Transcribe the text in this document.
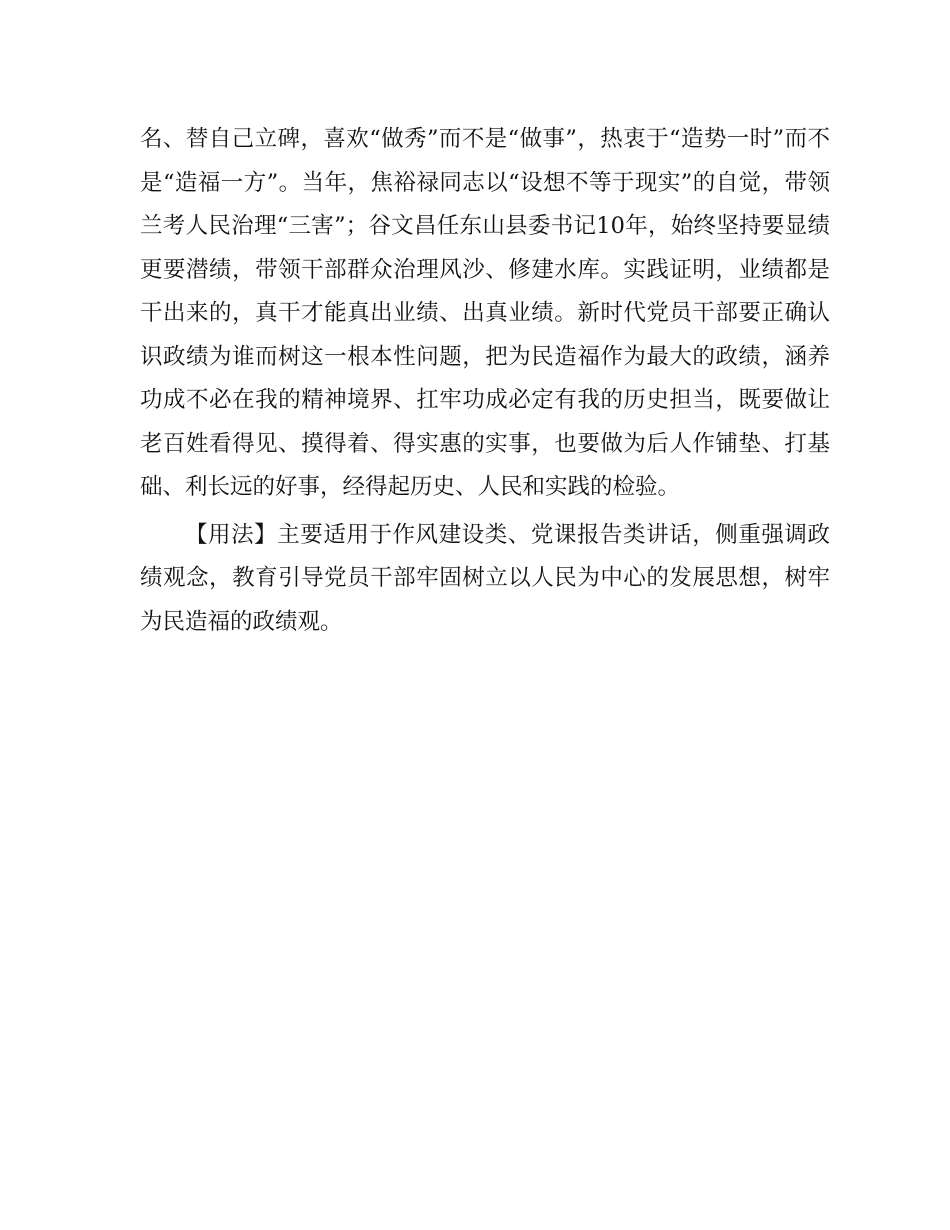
名、替自己立碑，喜欢“做秀”而不是“做事”，热衷于“造势一时”而不是“造福一方”。当年，焦裕禄同志以“设想不等于现实”的自觉，带领兰考人民治理“三害”；谷文昌任东山县委书记10年，始终坚持要显绩更要潜绩，带领干部群众治理风沙、修建水库。实践证明，业绩都是干出来的，真干才能真出业绩、出真业绩。新时代党员干部要正确认识政绩为谁而树这一根本性问题，把为民造福作为最大的政绩，涵养功成不必在我的精神境界、扛牢功成必定有我的历史担当，既要做让老百姓看得见、摸得着、得实惠的实事，也要做为后人作铺垫、打基础、利长远的好事，经得起历史、人民和实践的检验。

【用法】主要适用于作风建设类、党课报告类讲话，侧重强调政绩观念，教育引导党员干部牢固树立以人民为中心的发展思想，树牢为民造福的政绩观。
